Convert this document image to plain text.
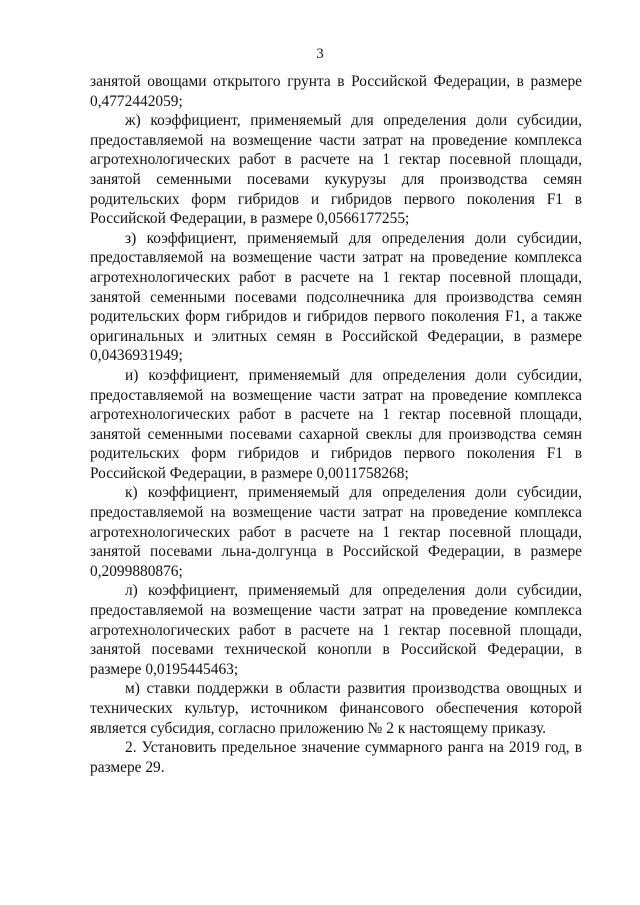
3

занятой овощами открытого грунта в Российской Федерации, в размере 0,4772442059;

ж) коэффициент, применяемый для определения доли субсидии, предоставляемой на возмещение части затрат на проведение комплекса агротехнологических работ в расчете на 1 гектар посевной площади, занятой семенными посевами кукурузы для производства семян родительских форм гибридов и гибридов первого поколения F1 в Российской Федерации, в размере 0,0566177255;

з) коэффициент, применяемый для определения доли субсидии, предоставляемой на возмещение части затрат на проведение комплекса агротехнологических работ в расчете на 1 гектар посевной площади, занятой семенными посевами подсолнечника для производства семян родительских форм гибридов и гибридов первого поколения F1, а также оригинальных и элитных семян в Российской Федерации, в размере 0,0436931949;

и) коэффициент, применяемый для определения доли субсидии, предоставляемой на возмещение части затрат на проведение комплекса агротехнологических работ в расчете на 1 гектар посевной площади, занятой семенными посевами сахарной свеклы для производства семян родительских форм гибридов и гибридов первого поколения F1 в Российской Федерации, в размере 0,0011758268;

к) коэффициент, применяемый для определения доли субсидии, предоставляемой на возмещение части затрат на проведение комплекса агротехнологических работ в расчете на 1 гектар посевной площади, занятой посевами льна-долгунца в Российской Федерации, в размере 0,2099880876;

л) коэффициент, применяемый для определения доли субсидии, предоставляемой на возмещение части затрат на проведение комплекса агротехнологических работ в расчете на 1 гектар посевной площади, занятой посевами технической конопли в Российской Федерации, в размере 0,0195445463;

м) ставки поддержки в области развития производства овощных и технических культур, источником финансового обеспечения которой является субсидия, согласно приложению № 2 к настоящему приказу.

2. Установить предельное значение суммарного ранга на 2019 год, в размере 29.
